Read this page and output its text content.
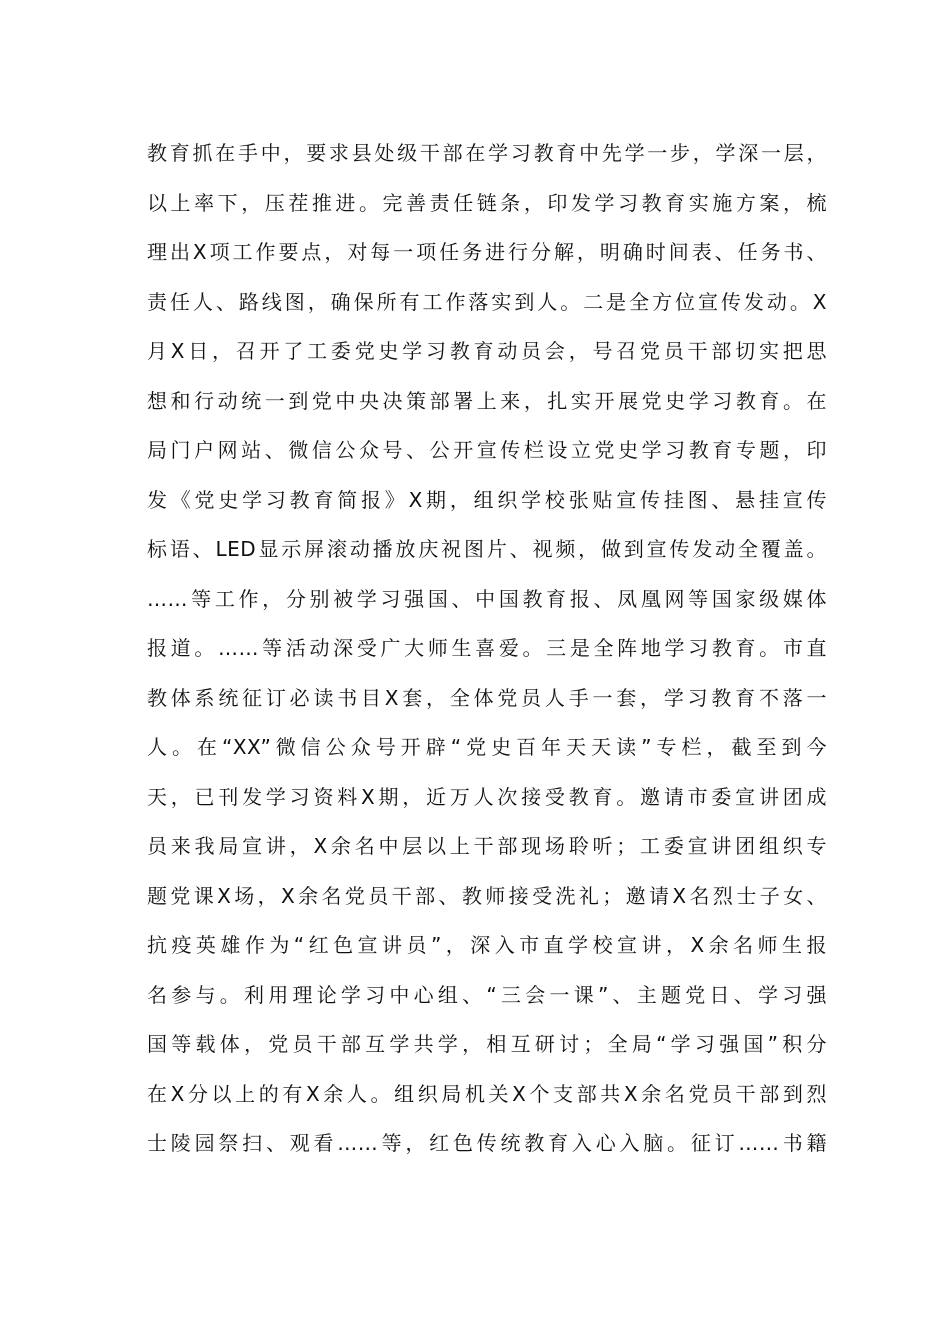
教育抓在手中，要求县处级干部在学习教育中先学一步，学深一层，
以上率下，压茬推进。完善责任链条，印发学习教育实施方案，梳
理出X项工作要点，对每一项任务进行分解，明确时间表、任务书、
责任人、路线图，确保所有工作落实到人。二是全方位宣传发动。X
月X日，召开了工委党史学习教育动员会，号召党员干部切实把思
想和行动统一到党中央决策部署上来，扎实开展党史学习教育。在
局门户网站、微信公众号、公开宣传栏设立党史学习教育专题，印
发《党史学习教育简报》X期，组织学校张贴宣传挂图、悬挂宣传
标语、LED显示屏滚动播放庆祝图片、视频，做到宣传发动全覆盖。
……等工作，分别被学习强国、中国教育报、凤凰网等国家级媒体
报道。……等活动深受广大师生喜爱。三是全阵地学习教育。市直
教体系统征订必读书目X套，全体党员人手一套，学习教育不落一
人。在“XX”微信公众号开辟“党史百年天天读”专栏，截至到今
天，已刊发学习资料X期，近万人次接受教育。邀请市委宣讲团成
员来我局宣讲，X余名中层以上干部现场聆听；工委宣讲团组织专
题党课X场，X余名党员干部、教师接受洗礼；邀请X名烈士子女、
抗疫英雄作为“红色宣讲员”，深入市直学校宣讲，X余名师生报
名参与。利用理论学习中心组、“三会一课”、主题党日、学习强
国等载体，党员干部互学共学，相互研讨；全局“学习强国”积分
在X分以上的有X余人。组织局机关X个支部共X余名党员干部到烈
士陵园祭扫、观看……等，红色传统教育入心入脑。征订……书籍
